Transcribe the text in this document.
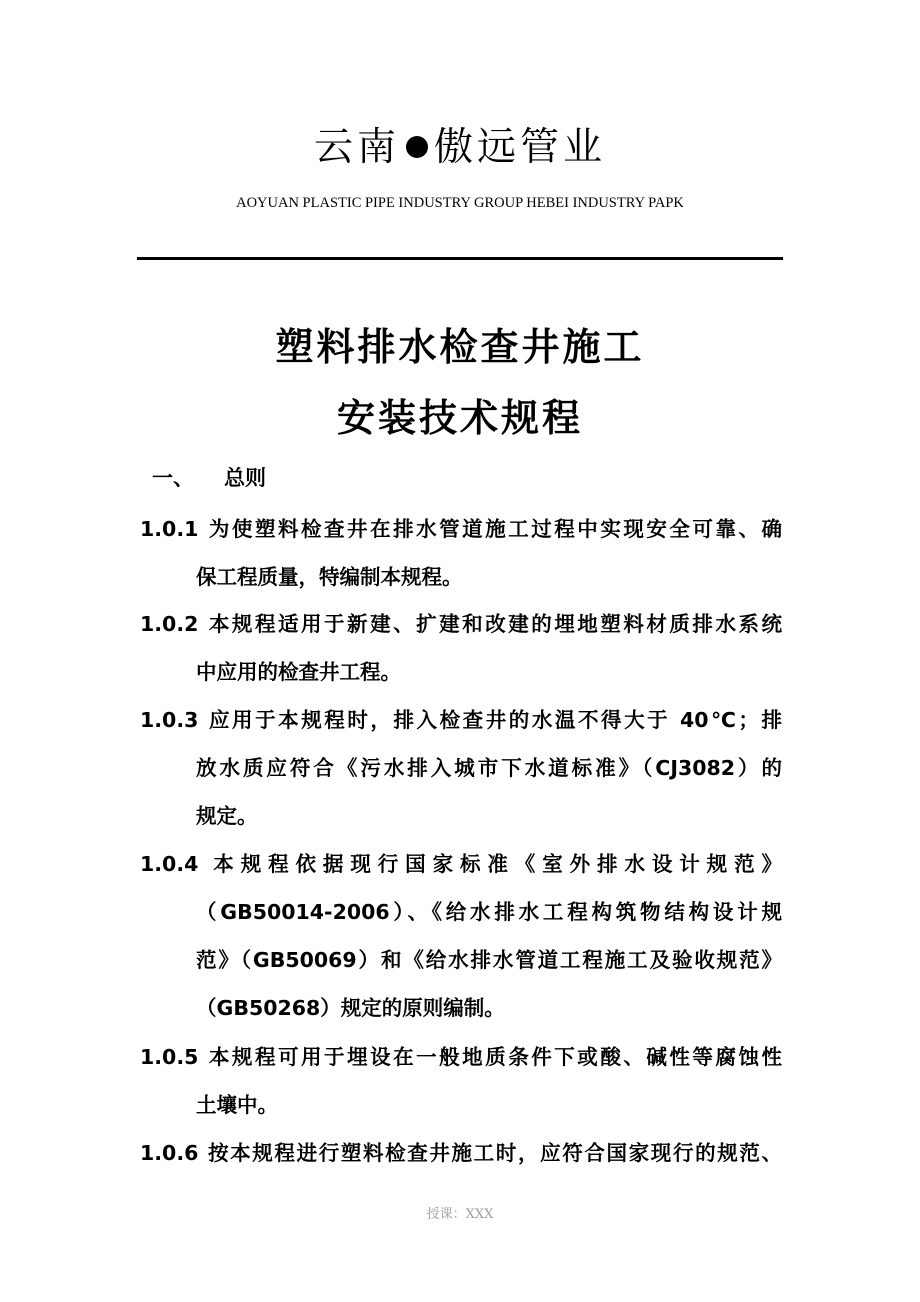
云南 傲远管业
AOYUAN PLASTIC PIPE INDUSTRY GROUP HEBEI INDUSTRY PAPK
塑料排水检查井施工
安装技术规程
一、 总则
1.0.1 为使塑料检查井在排水管道施工过程中实现安全可靠、确
保工程质量，特编制本规程。
1.0.2 本规程适用于新建、扩建和改建的埋地塑料材质排水系统
中应用的检查井工程。
1.0.3 应用于本规程时，排入检查井的水温不得大于 40℃；排
放水质应符合《污水排入城市下水道标准》（CJ3082）的
规定。
1.0.4 本规程依据现行国家标准《室外排水设计规范》
（GB50014-2006）、《给水排水工程构筑物结构设计规
范》（GB50069）和《给水排水管道工程施工及验收规范》
（GB50268）规定的原则编制。
1.0.5 本规程可用于埋设在一般地质条件下或酸、碱性等腐蚀性
土壤中。
1.0.6 按本规程进行塑料检查井施工时，应符合国家现行的规范、
授课：XXX
